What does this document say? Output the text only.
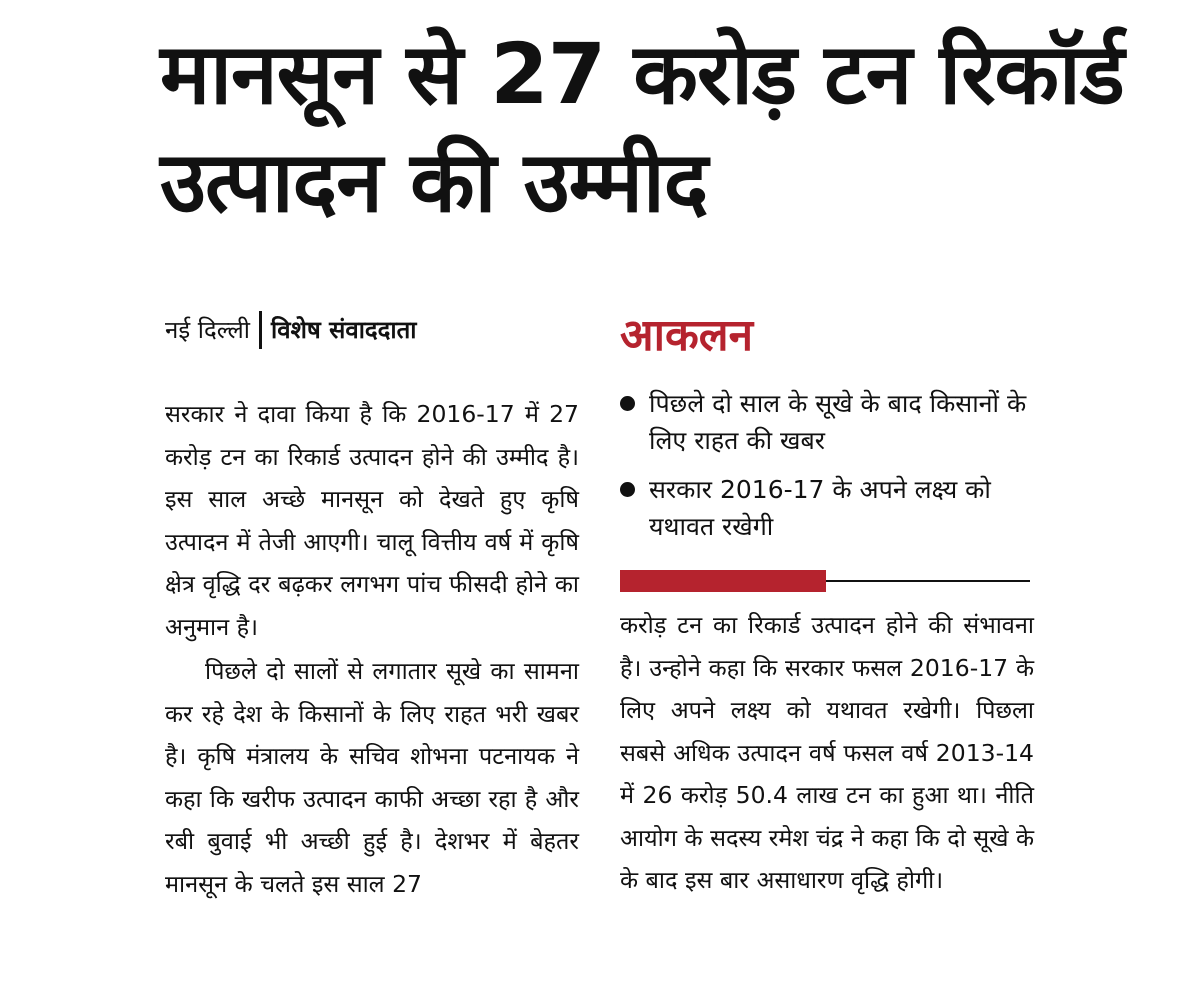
मानसून से 27 करोड़ टन रिकॉर्ड उत्पादन की उम्मीद
नई दिल्ली विशेष संवाददाता

सरकार ने दावा किया है कि 2016-17 में 27 करोड़ टन का रिकार्ड उत्पादन होने की उम्मीद है। इस साल अच्छे मानसून को देखते हुए कृषि उत्पादन में तेजी आएगी। चालू वित्तीय वर्ष में कृषि क्षेत्र वृद्धि दर बढ़कर लगभग पांच फीसदी होने का अनुमान है।

पिछले दो सालों से लगातार सूखे का सामना कर रहे देश के किसानों के लिए राहत भरी खबर है। कृषि मंत्रालय के सचिव शोभना पटनायक ने कहा कि खरीफ उत्पादन काफी अच्छा रहा है और रबी बुवाई भी अच्छी हुई है। देशभर में बेहतर मानसून के चलते इस साल 27

आकलन
पिछले दो साल के सूखे के बाद किसानों के लिए राहत की खबर
सरकार 2016-17 के अपने लक्ष्य को यथावत रखेगी

करोड़ टन का रिकार्ड उत्पादन होने की संभावना है। उन्होने कहा कि सरकार फसल 2016-17 के लिए अपने लक्ष्य को यथावत रखेगी। पिछला सबसे अधिक उत्पादन वर्ष फसल वर्ष 2013-14 में 26 करोड़ 50.4 लाख टन का हुआ था। नीति आयोग के सदस्य रमेश चंद्र ने कहा कि दो सूखे के के बाद इस बार असाधारण वृद्धि होगी।
